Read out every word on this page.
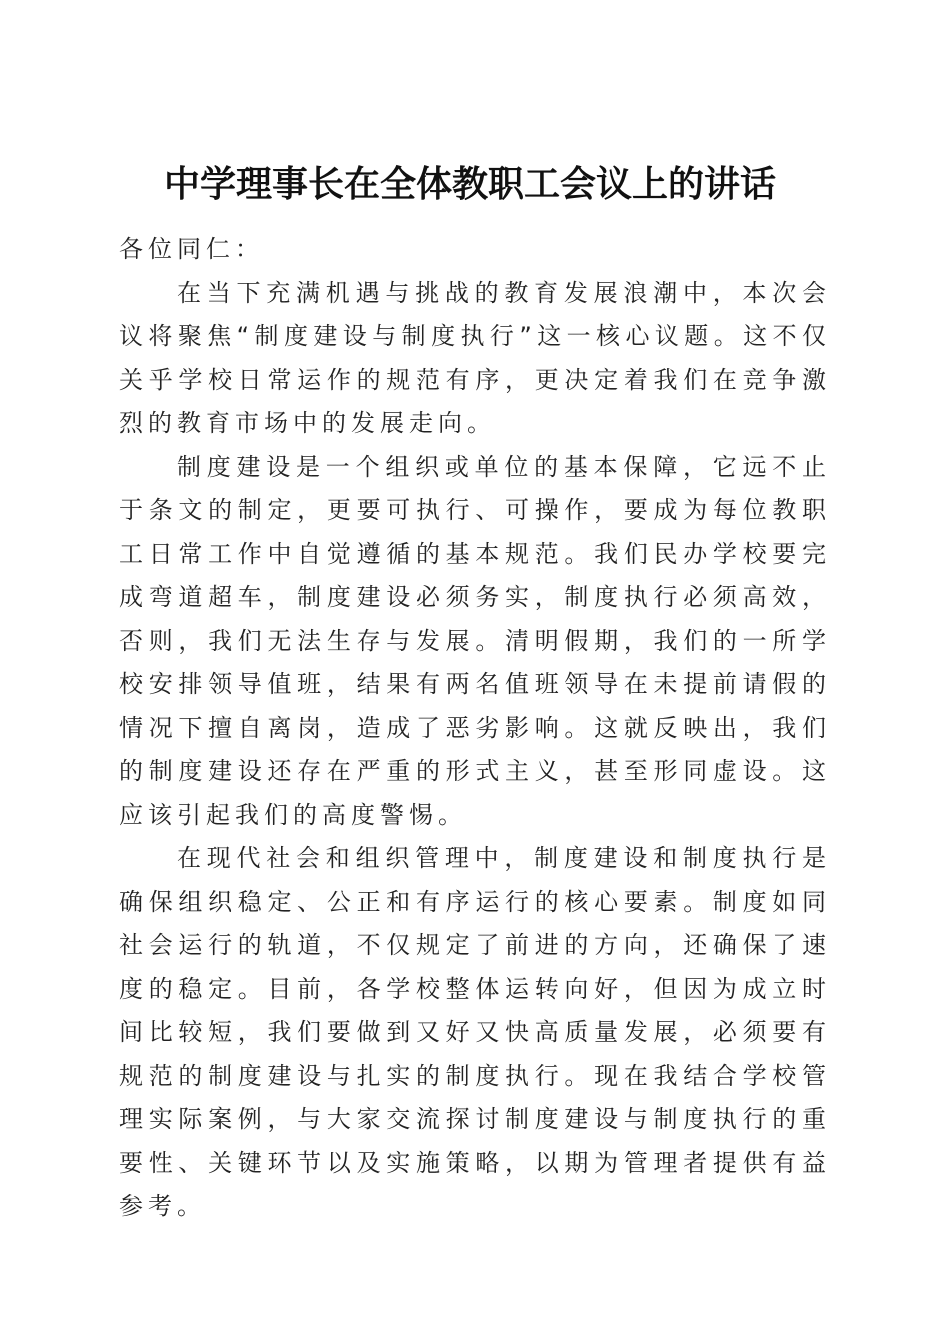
中学理事长在全体教职工会议上的讲话

各位同仁：

在当下充满机遇与挑战的教育发展浪潮中，本次会议将聚焦“制度建设与制度执行”这一核心议题。这不仅关乎学校日常运作的规范有序，更决定着我们在竞争激烈的教育市场中的发展走向。

制度建设是一个组织或单位的基本保障，它远不止于条文的制定，更要可执行、可操作，要成为每位教职工日常工作中自觉遵循的基本规范。我们民办学校要完成弯道超车，制度建设必须务实，制度执行必须高效，否则，我们无法生存与发展。清明假期，我们的一所学校安排领导值班，结果有两名值班领导在未提前请假的情况下擅自离岗，造成了恶劣影响。这就反映出，我们的制度建设还存在严重的形式主义，甚至形同虚设。这应该引起我们的高度警惕。

在现代社会和组织管理中，制度建设和制度执行是确保组织稳定、公正和有序运行的核心要素。制度如同社会运行的轨道，不仅规定了前进的方向，还确保了速度的稳定。目前，各学校整体运转向好，但因为成立时间比较短，我们要做到又好又快高质量发展，必须要有规范的制度建设与扎实的制度执行。现在我结合学校管理实际案例，与大家交流探讨制度建设与制度执行的重要性、关键环节以及实施策略，以期为管理者提供有益参考。
